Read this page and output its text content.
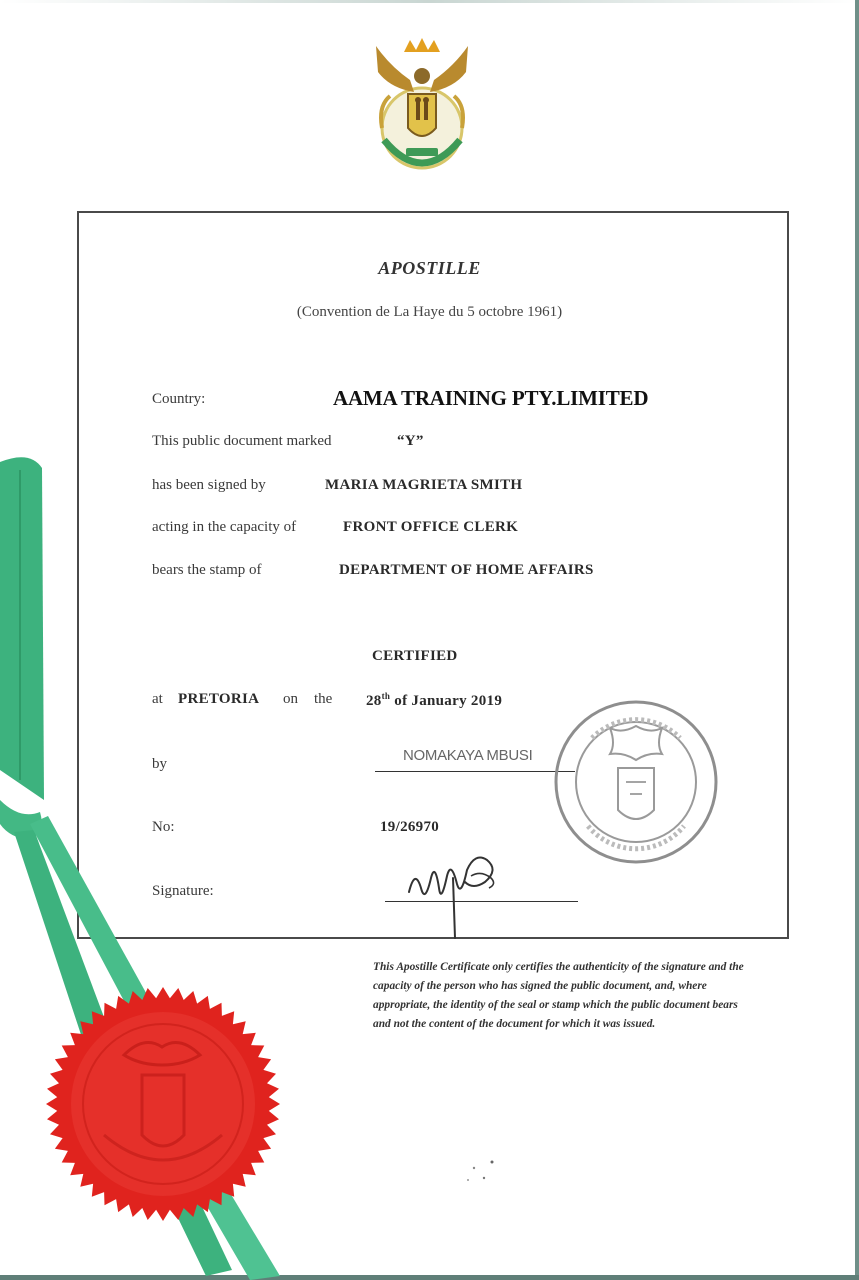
APOSTILLE
(Convention de La Haye du 5 octobre 1961)
Country:	AAMA TRAINING PTY.LIMITED
This public document marked	“Y”
has been signed by	MARIA MAGRIETA SMITH
acting in the capacity of	FRONT OFFICE CLERK
bears the stamp of	DEPARTMENT OF HOME AFFAIRS
CERTIFIED
at PRETORIA on the 28th of January 2019
by	NOMAKAYA MBUSI
No:	19/26970
Signature:
This Apostille Certificate only certifies the authenticity of the signature and the capacity of the person who has signed the public document, and, where appropriate, the identity of the seal or stamp which the public document bears and not the content of the document for which it was issued.
